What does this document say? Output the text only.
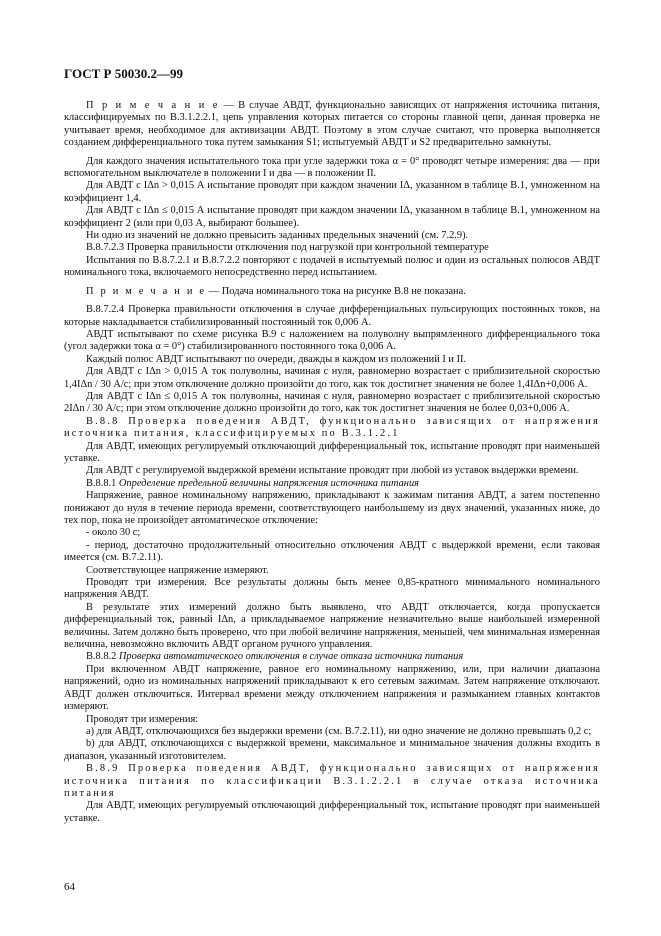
ГОСТ Р 50030.2—99

П р и м е ч а н и е — В случае АВДТ, функционально зависящих от напряжения источника питания, классифицируемых по В.3.1.2.2.1, цепь управления которых питается со стороны главной цепи, данная проверка не учитывает время, необходимое для активизации АВДТ. Поэтому в этом случае считают, что проверка выполняется созданием дифференциального тока путем замыкания S1; испытуемый АВДТ и S2 предварительно замкнуты.

Для каждого значения испытательного тока при угле задержки тока α = 0° проводят четыре измерения: два — при вспомогательном выключателе в положении I и два — в положении II.

Для АВДТ с IΔn > 0,015 А испытание проводят при каждом значении IΔ, указанном в таблице В.1, умноженном на коэффициент 1,4.

Для АВДТ с IΔn ≤ 0,015 А испытание проводят при каждом значении IΔ, указанном в таблице В.1, умноженном на коэффициент 2 (или при 0,03 А, выбирают большее).

Ни одно из значений не должно превысить заданных предельных значений (см. 7.2.9).

В.8.7.2.3 Проверка правильности отключения под нагрузкой при контрольной температуре

Испытания по В.8.7.2.1 и В.8.7.2.2 повторяют с подачей в испытуемый полюс и один из остальных полюсов АВДТ номинального тока, включаемого непосредственно перед испытанием.

П р и м е ч а н и е — Подача номинального тока на рисунке В.8 не показана.

В.8.7.2.4 Проверка правильности отключения в случае дифференциальных пульсирующих постоянных токов, на которые накладывается стабилизированный постоянный ток 0,006 А.

АВДТ испытывают по схеме рисунка В.9 с наложением на полуволну выпрямленного дифференциального тока (угол задержки тока α = 0°) стабилизированного постоянного тока 0,006 А.

Каждый полюс АВДТ испытывают по очереди, дважды в каждом из положений I и II.

Для АВДТ с IΔn > 0,015 А ток полуволны, начиная с нуля, равномерно возрастает с приблизительной скоростью 1,4IΔn / 30 А/с; при этом отключение должно произойти до того, как ток достигнет значения не более 1,4IΔn+0,006 А.

Для АВДТ с IΔn ≤ 0,015 А ток полуволны, начиная с нуля, равномерно возрастает с приблизительной скоростью 2IΔn / 30 А/с; при этом отключение должно произойти до того, как ток достигнет значения не более 0,03+0,006 А.

В.8.8 Проверка поведения АВДТ, функционально зависящих от напряжения источника питания, классифицируемых по В.3.1.2.1

Для АВДТ, имеющих регулируемый отключающий дифференциальный ток, испытание проводят при наименьшей уставке.

Для АВДТ с регулируемой выдержкой времени испытание проводят при любой из уставок выдержки времени.

В.8.8.1 Определение предельной величины напряжения источника питания

Напряжение, равное номинальному напряжению, прикладывают к зажимам питания АВДТ, а затем постепенно понижают до нуля в течение периода времени, соответствующего наибольшему из двух значений, указанных ниже, до тех пор, пока не произойдет автоматическое отключение:

- около 30 с;

- период, достаточно продолжительный относительно отключения АВДТ с выдержкой времени, если таковая имеется (см. В.7.2.11).

Соответствующее напряжение измеряют.

Проводят три измерения. Все результаты должны быть менее 0,85-кратного минимального номинального напряжения АВДТ.

В результате этих измерений должно быть выявлено, что АВДТ отключается, когда пропускается дифференциальный ток, равный IΔn, а прикладываемое напряжение незначительно выше наибольшей измеренной величины. Затем должно быть проверено, что при любой величине напряжения, меньшей, чем минимальная измеренная величина, невозможно включить АВДТ органом ручного управления.

В.8.8.2 Проверка автоматического отключения в случае отказа источника питания

При включенном АВДТ напряжение, равное его номинальному напряжению, или, при наличии диапазона напряжений, одно из номинальных напряжений прикладывают к его сетевым зажимам. Затем напряжение отключают. АВДТ должен отключиться. Интервал времени между отключением напряжения и размыканием главных контактов измеряют.

Проводят три измерения:

a) для АВДТ, отключающихся без выдержки времени (см. В.7.2.11), ни одно значение не должно превышать 0,2 с;

b) для АВДТ, отключающихся с выдержкой времени, максимальное и минимальное значения должны входить в диапазон, указанный изготовителем.

В.8.9 Проверка поведения АВДТ, функционально зависящих от напряжения источника питания по классификации В.3.1.2.2.1 в случае отказа источника питания

Для АВДТ, имеющих регулируемый отключающий дифференциальный ток, испытание проводят при наименьшей уставке.

64
